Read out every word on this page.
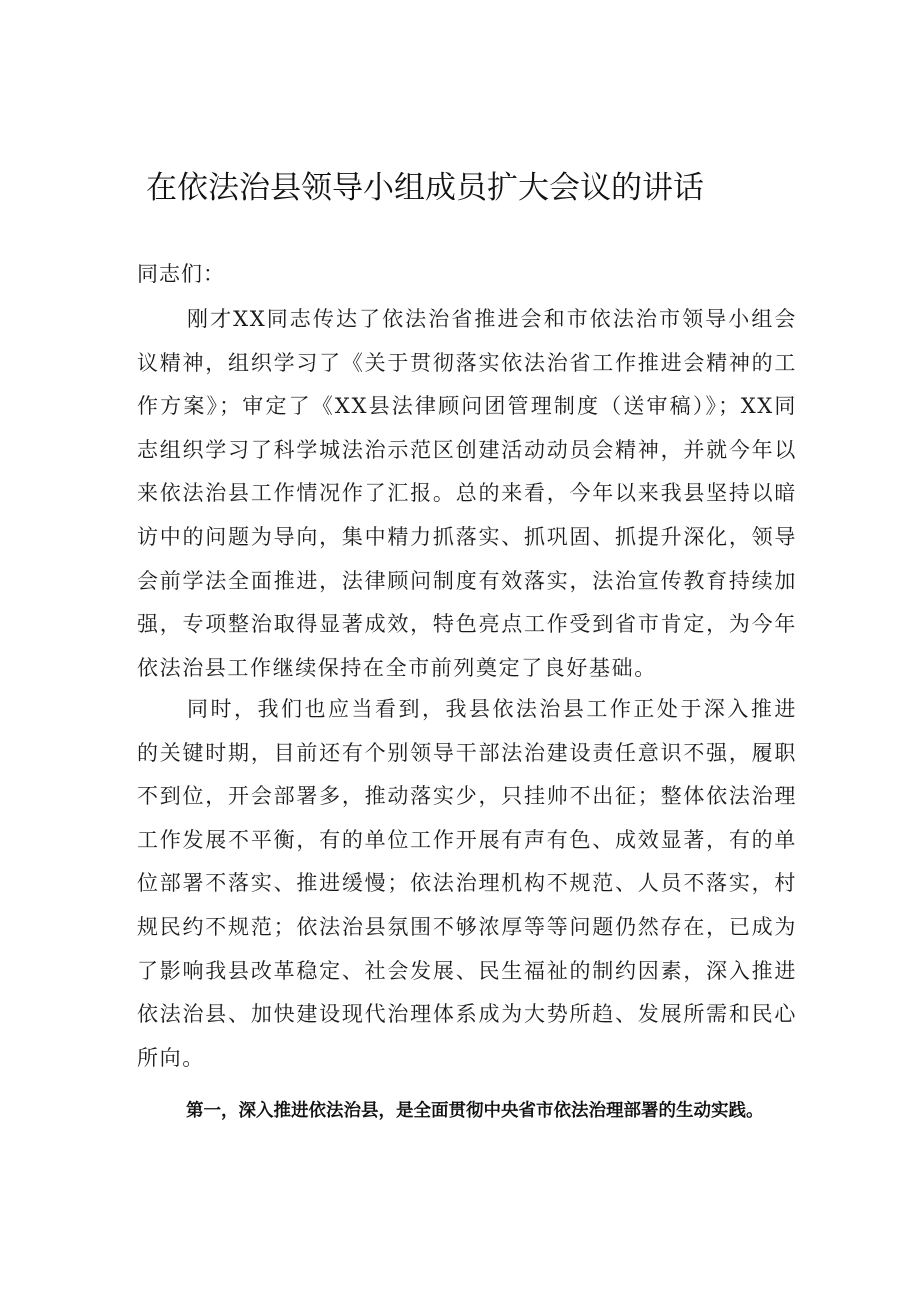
在依法治县领导小组成员扩大会议的讲话

同志们：

刚才XX同志传达了依法治省推进会和市依法治市领导小组会议精神，组织学习了《关于贯彻落实依法治省工作推进会精神的工作方案》；审定了《XX县法律顾问团管理制度（送审稿）》；XX同志组织学习了科学城法治示范区创建活动动员会精神，并就今年以来依法治县工作情况作了汇报。总的来看，今年以来我县坚持以暗访中的问题为导向，集中精力抓落实、抓巩固、抓提升深化，领导会前学法全面推进，法律顾问制度有效落实，法治宣传教育持续加强，专项整治取得显著成效，特色亮点工作受到省市肯定，为今年依法治县工作继续保持在全市前列奠定了良好基础。

同时，我们也应当看到，我县依法治县工作正处于深入推进的关键时期，目前还有个别领导干部法治建设责任意识不强，履职不到位，开会部署多，推动落实少，只挂帅不出征；整体依法治理工作发展不平衡，有的单位工作开展有声有色、成效显著，有的单位部署不落实、推进缓慢；依法治理机构不规范、人员不落实，村规民约不规范；依法治县氛围不够浓厚等等问题仍然存在，已成为了影响我县改革稳定、社会发展、民生福祉的制约因素，深入推进依法治县、加快建设现代治理体系成为大势所趋、发展所需和民心所向。

第一，深入推进依法治县，是全面贯彻中央省市依法治理部署的生动实践。
